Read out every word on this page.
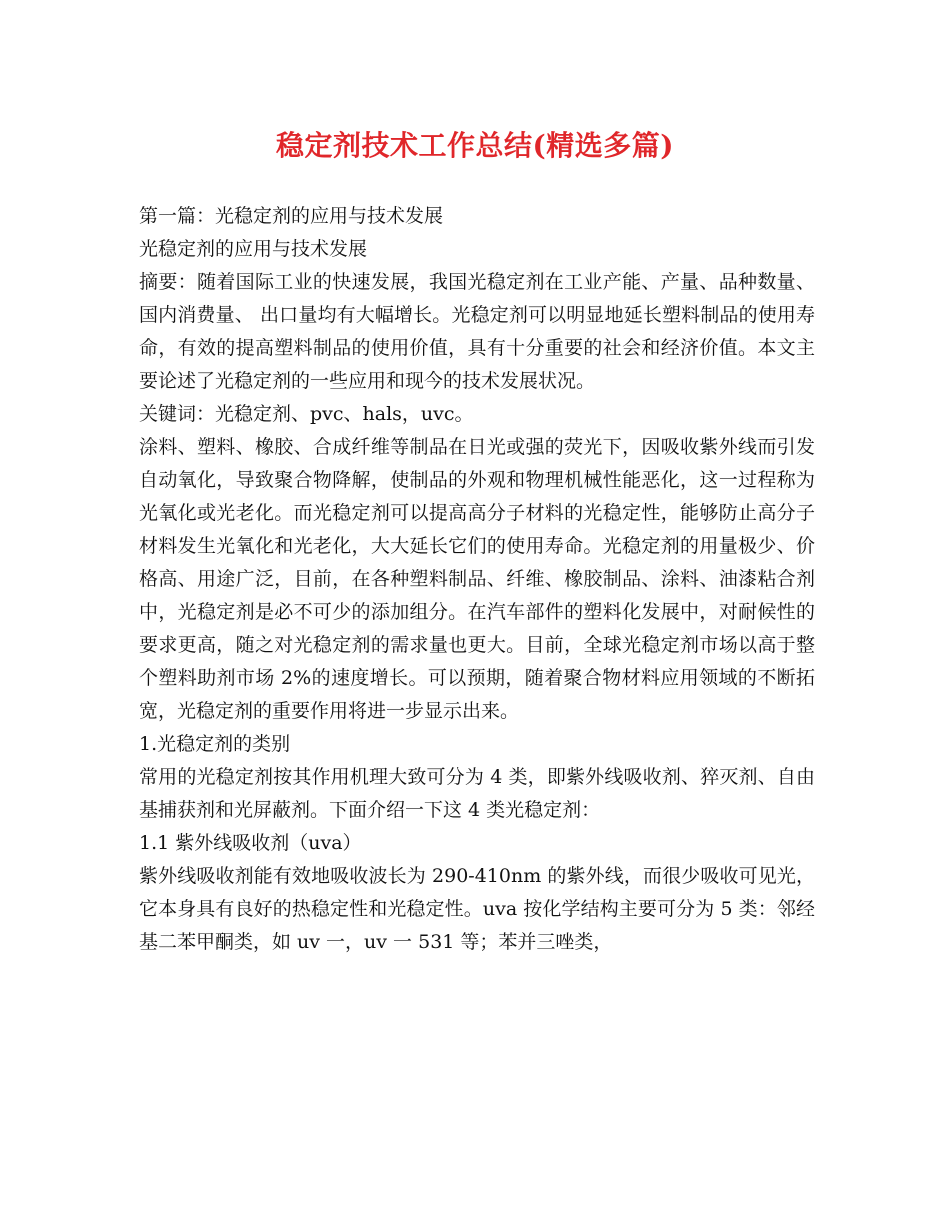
稳定剂技术工作总结(精选多篇)

第一篇：光稳定剂的应用与技术发展

光稳定剂的应用与技术发展

摘要：随着国际工业的快速发展，我国光稳定剂在工业产能、产量、品种数量、国内消费量、 出口量均有大幅增长。光稳定剂可以明显地延长塑料制品的使用寿命，有效的提高塑料制品的使用价值，具有十分重要的社会和经济价值。本文主要论述了光稳定剂的一些应用和现今的技术发展状况。

关键词：光稳定剂、pvc、hals，uvc。

涂料、塑料、橡胶、合成纤维等制品在日光或强的荧光下，因吸收紫外线而引发自动氧化，导致聚合物降解，使制品的外观和物理机械性能恶化，这一过程称为光氧化或光老化。而光稳定剂可以提高高分子材料的光稳定性，能够防止高分子材料发生光氧化和光老化，大大延长它们的使用寿命。光稳定剂的用量极少、价格高、用途广泛，目前，在各种塑料制品、纤维、橡胶制品、涂料、油漆粘合剂中，光稳定剂是必不可少的添加组分。在汽车部件的塑料化发展中，对耐候性的要求更高，随之对光稳定剂的需求量也更大。目前，全球光稳定剂市场以高于整个塑料助剂市场 2%的速度增长。可以预期，随着聚合物材料应用领域的不断拓宽，光稳定剂的重要作用将进一步显示出来。

1.光稳定剂的类别

常用的光稳定剂按其作用机理大致可分为 4 类，即紫外线吸收剂、猝灭剂、自由基捕获剂和光屏蔽剂。下面介绍一下这 4 类光稳定剂：

1.1 紫外线吸收剂（uva）

紫外线吸收剂能有效地吸收波长为 290-410nm 的紫外线，而很少吸收可见光，它本身具有良好的热稳定性和光稳定性。uva 按化学结构主要可分为 5 类：邻经基二苯甲酮类，如 uv 一，uv 一 531 等；苯并三唑类，
